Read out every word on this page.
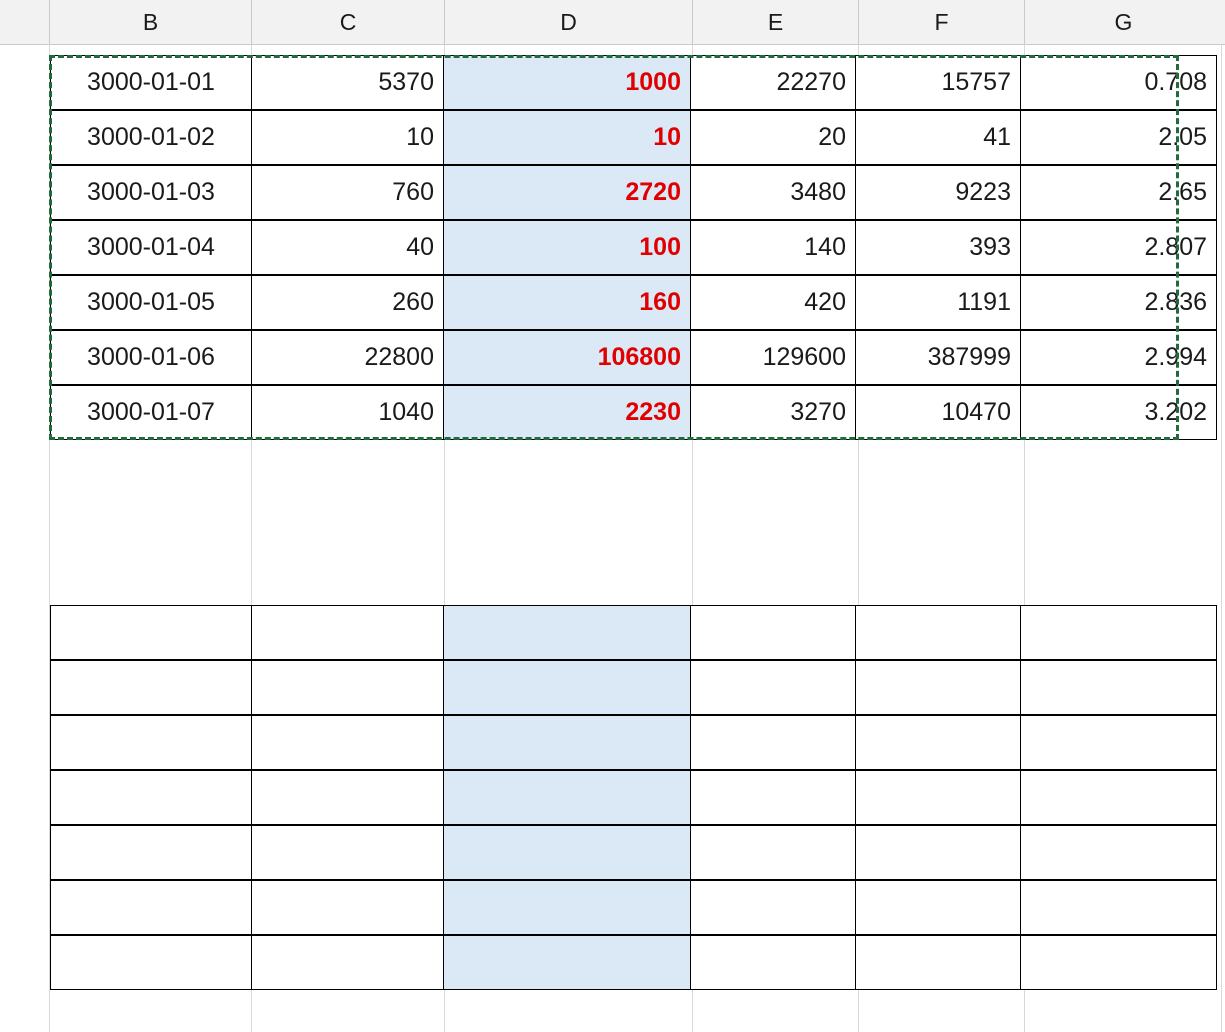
B	C	D	E	F	G
3000-01-01	5370	1000	22270	15757	0.708
3000-01-02	10	10	20	41	2.05
3000-01-03	760	2720	3480	9223	2.65
3000-01-04	40	100	140	393	2.807
3000-01-05	260	160	420	1191	2.836
3000-01-06	22800	106800	129600	387999	2.994
3000-01-07	1040	2230	3270	10470	3.202
